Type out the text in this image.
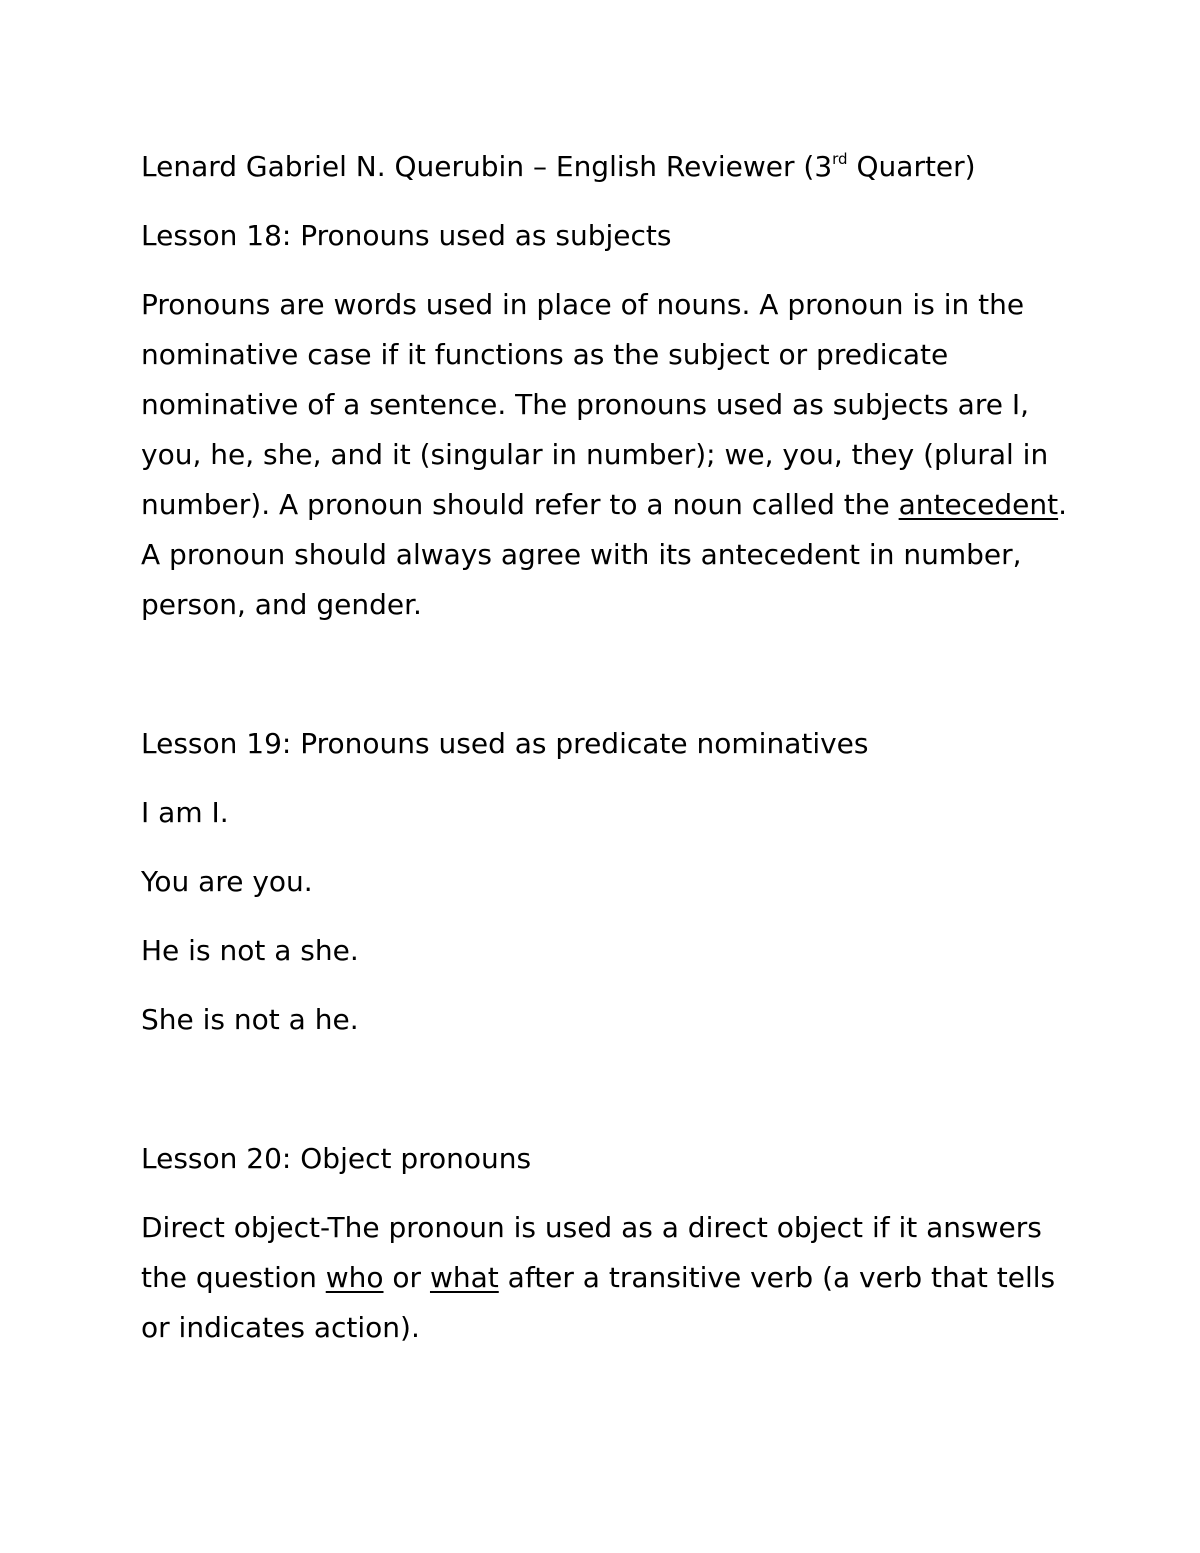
Lenard Gabriel N. Querubin – English Reviewer (3rd Quarter)

Lesson 18: Pronouns used as subjects

Pronouns are words used in place of nouns. A pronoun is in the nominative case if it functions as the subject or predicate nominative of a sentence. The pronouns used as subjects are I, you, he, she, and it (singular in number); we, you, they (plural in number). A pronoun should refer to a noun called the antecedent. A pronoun should always agree with its antecedent in number, person, and gender.

Lesson 19: Pronouns used as predicate nominatives

I am I.

You are you.

He is not a she.

She is not a he.

Lesson 20: Object pronouns

Direct object-The pronoun is used as a direct object if it answers the question who or what after a transitive verb (a verb that tells or indicates action).
